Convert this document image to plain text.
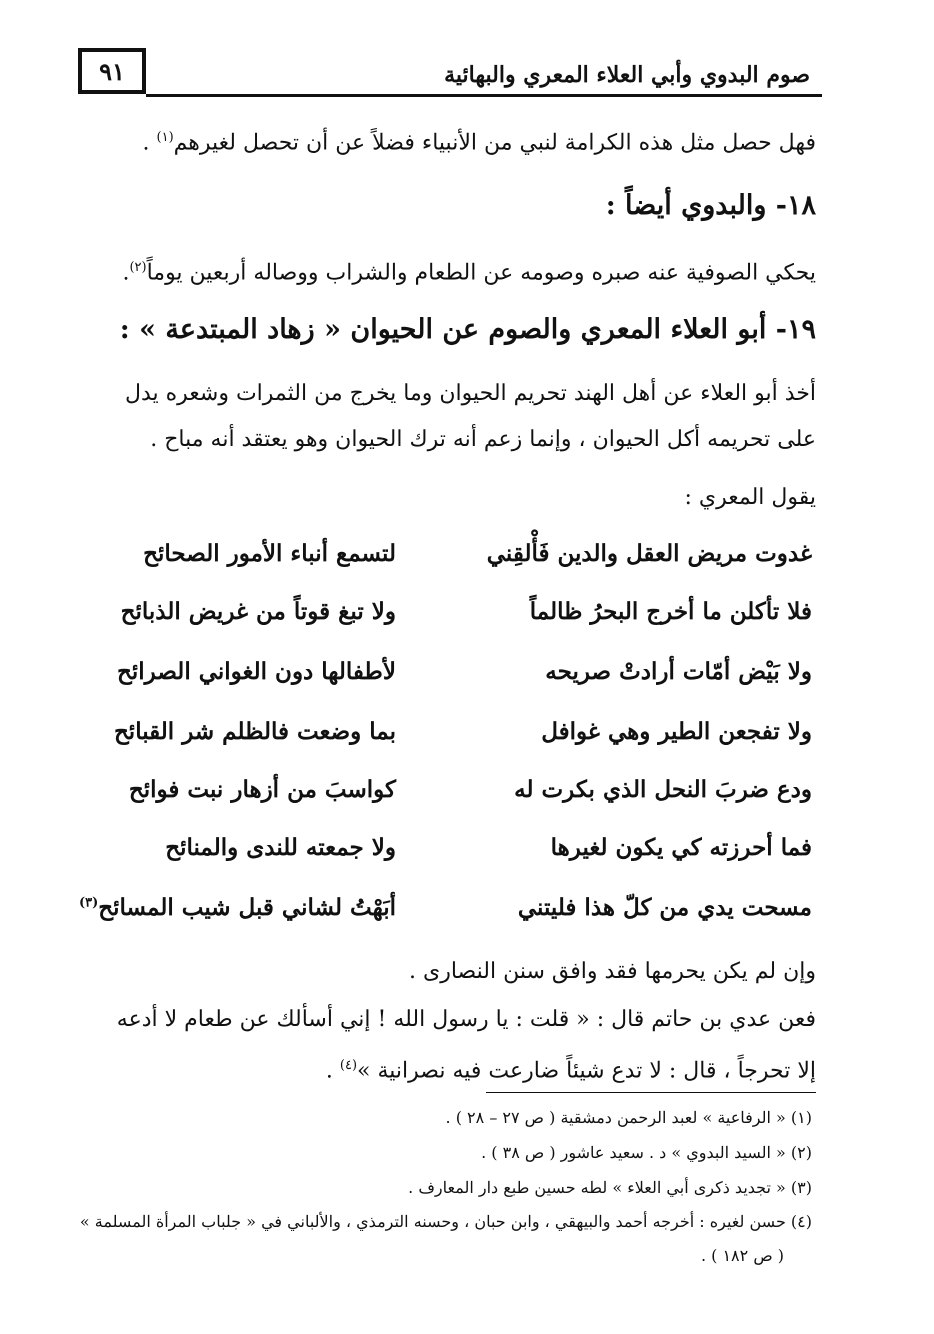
٩١	صوم البدوي وأبي العلاء المعري والبهائية
فهل حصل مثل هذه الكرامة لنبي من الأنبياء فضلاً عن أن تحصل لغيرهم$^{(١)}$ .
١٨- والبدوي أيضاً :
يحكي الصوفية عنه صبره وصومه عن الطعام والشراب ووصاله أربعين يوماً$^{(٢)}$.
١٩- أبو العلاء المعري والصوم عن الحيوان « زهاد المبتدعة » :
أخذ أبو العلاء عن أهل الهند تحريم الحيوان وما يخرج من الثمرات وشعره يدل
على تحريمه أكل الحيوان ، وإنما زعم أنه ترك الحيوان وهو يعتقد أنه مباح .
يقول المعري :
غدوت مريض العقل والدين فَأْلقِني
لتسمع أنباء الأمور الصحائح
فلا تأكلن ما أخرج البحرُ ظالماً
ولا تبغ قوتاً من غريض الذبائح
ولا بَيْض أمّات أرادتْ صريحه
لأطفالها دون الغواني الصرائح
ولا تفجعن الطير وهي غوافل
بما وضعت فالظلم شر القبائح
ودع ضربَ النحل الذي بكرت له
كواسبَ من أزهار نبت فوائح
فما أحرزته كي يكون لغيرها
ولا جمعته للندى والمنائح
مسحت يدي من كلّ هذا فليتني
أبَهْتُ لشاني قبل شيب المسائح$^{(٣)}$
وإن لم يكن يحرمها فقد وافق سنن النصارى .
فعن عدي بن حاتم قال : « قلت : يا رسول الله ! إني أسألك عن طعام لا أدعه
إلا تحرجاً ، قال : لا تدع شيئاً ضارعت فيه نصرانية »$^{(٤)}$ .
(١) « الرفاعية » لعبد الرحمن دمشقية ( ص ٢٧ – ٢٨ ) .
(٢) « السيد البدوي » د . سعيد عاشور ( ص ٣٨ ) .
(٣) « تجديد ذكرى أبي العلاء » لطه حسين طبع دار المعارف .
(٤) حسن لغيره : أخرجه أحمد والبيهقي ، وابن حبان ، وحسنه الترمذي ، والألباني في « جلباب المرأة المسلمة »
( ص ١٨٢ ) .
